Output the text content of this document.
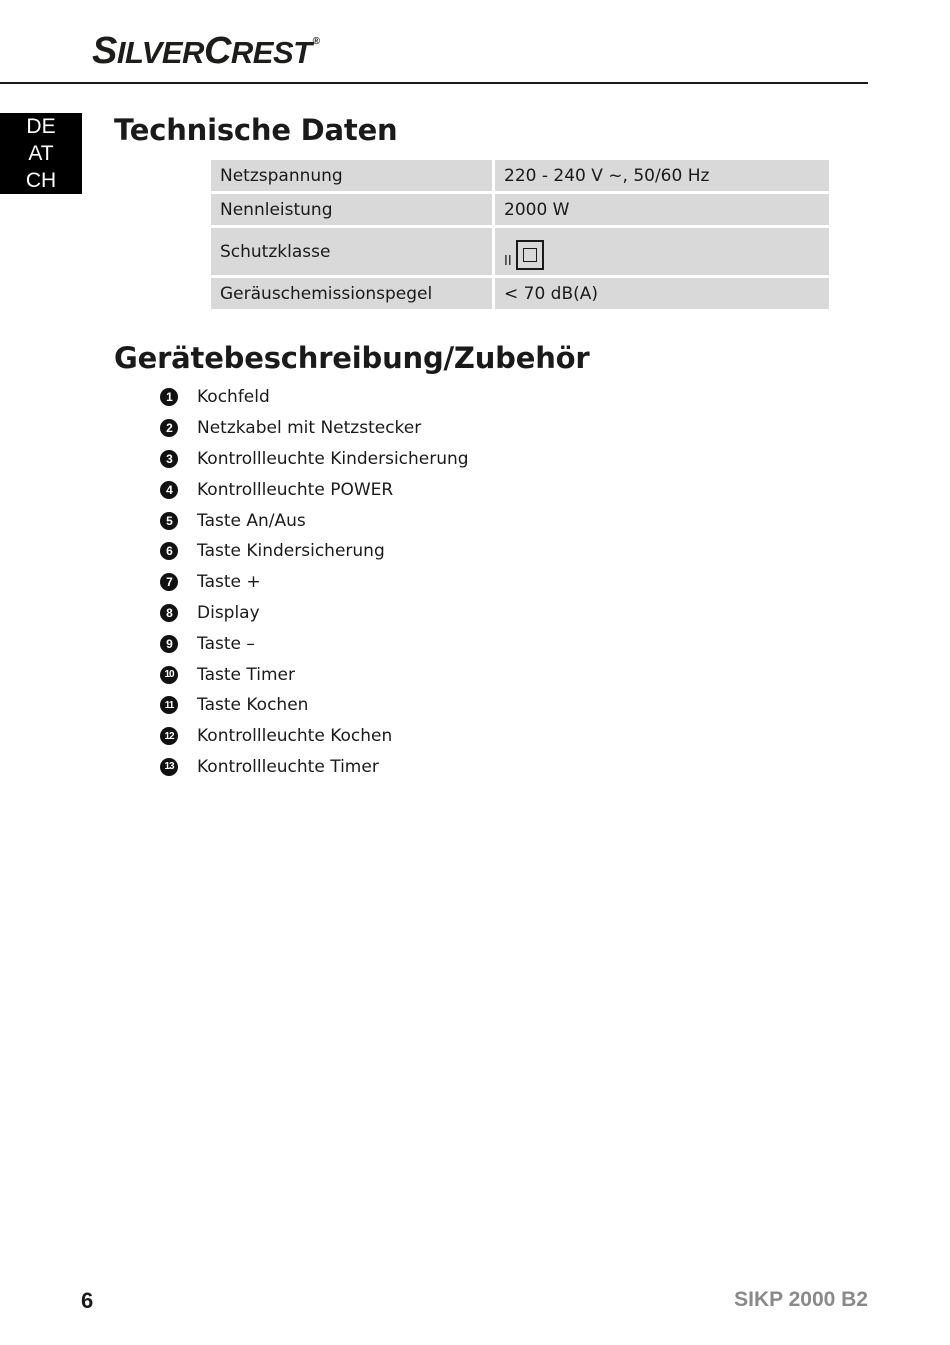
SILVERCREST®
DE
AT
CH
Technische Daten
Netzspannung	220 - 240 V ~, 50/60 Hz
Nennleistung	2000 W
Schutzklasse	II

Geräuschemissionspegel	< 70 dB(A)
Gerätebeschreibung/Zubehör
1	Kochfeld
2	Netzkabel mit Netzstecker
3	Kontrollleuchte Kindersicherung
4	Kontrollleuchte POWER
5	Taste An/Aus
6	Taste Kindersicherung
7	Taste +
8	Display
9	Taste –
10 Taste Timer
11 Taste Kochen
12 Kontrollleuchte Kochen
13 Kontrollleuchte Timer
6	SIKP 2000 B2
